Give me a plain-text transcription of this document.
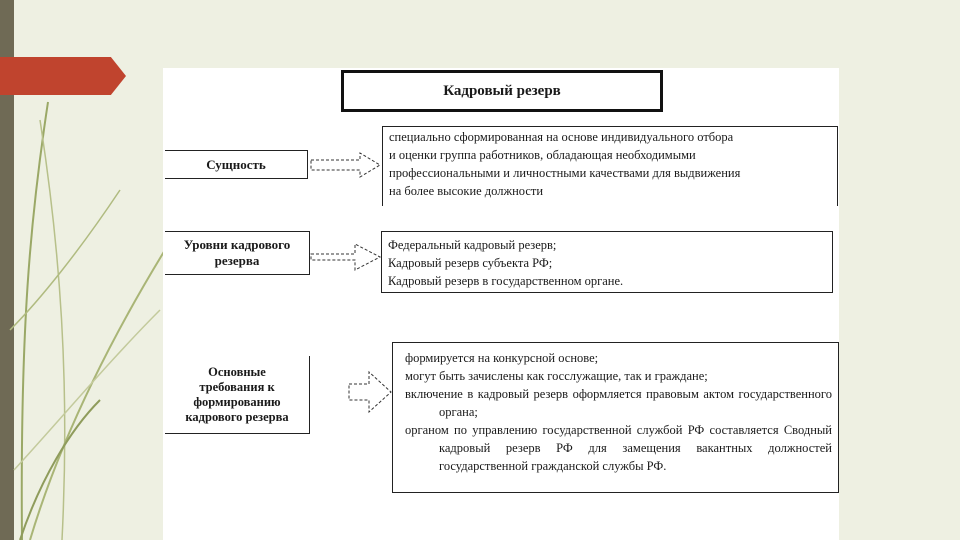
Кадровый резерв
Сущность
специально сформированная на основе индивидуального отбора
и оценки группа работников, обладающая необходимыми
профессиональными и личностными качествами для выдвижения
на более высокие должности
Уровни кадрового
резерва
Федеральный кадровый резерв;
Кадровый резерв субъекта РФ;
Кадровый резерв в государственном органе.
Основные
требования к
формированию
кадрового резерва
формируется на конкурсной основе;
могут быть зачислены как госслужащие, так и граждане;
включение в кадровый резерв оформляется правовым актом государственного органа;
органом по управлению государственной службой РФ составляется Сводный кадровый резерв РФ для замещения вакантных должностей государственной гражданской службы РФ.
